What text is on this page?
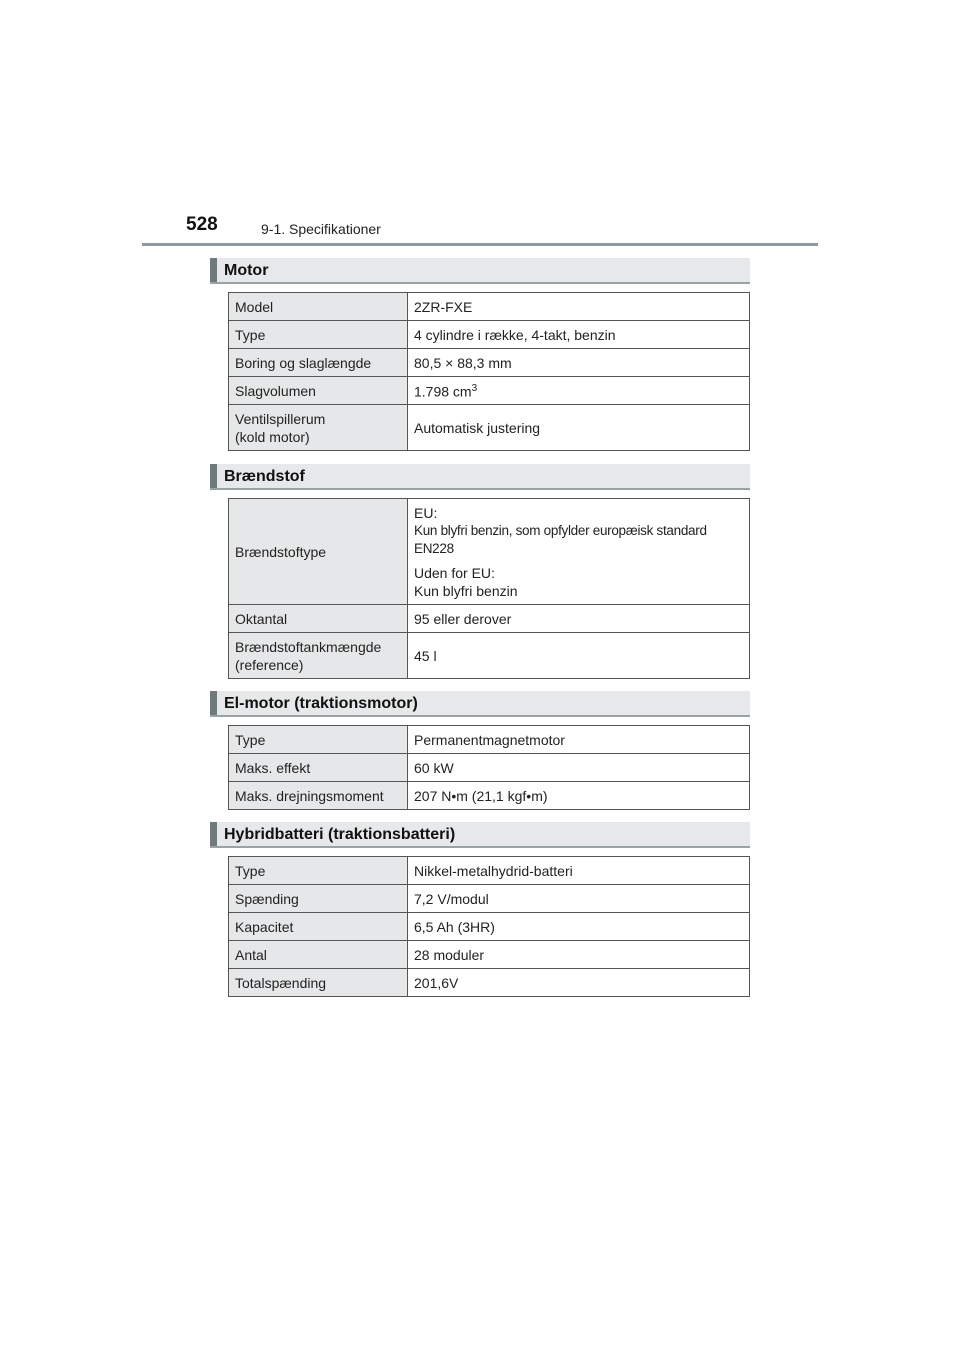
528	9-1. Specifikationer
Motor
Model	2ZR-FXE
Type	4 cylindre i række, 4-takt, benzin
Boring og slaglængde	80,5 × 88,3 mm
Slagvolumen	1.798 $cm^3$
Ventilspillerum
(kold motor)	Automatisk justering
Brændstof
Brændstoftype	EU:

Kun blyfri benzin, som opfylder europæisk standard
EN228

Uden for EU:

Kun blyfri benzin

Oktantal	95 eller derover
Brændstoftankmængde
(reference)	45 l
El-motor (traktionsmotor)
Type	Permanentmagnetmotor
Maks. effekt	60 kW
Maks. drejningsmoment	207 N•m (21,1 kgf•m)
Hybridbatteri (traktionsbatteri)
Type	Nikkel-metalhydrid-batteri
Spænding	7,2 V/modul
Kapacitet	6,5 Ah (3HR)
Antal	28 moduler
Totalspænding	201,6V
